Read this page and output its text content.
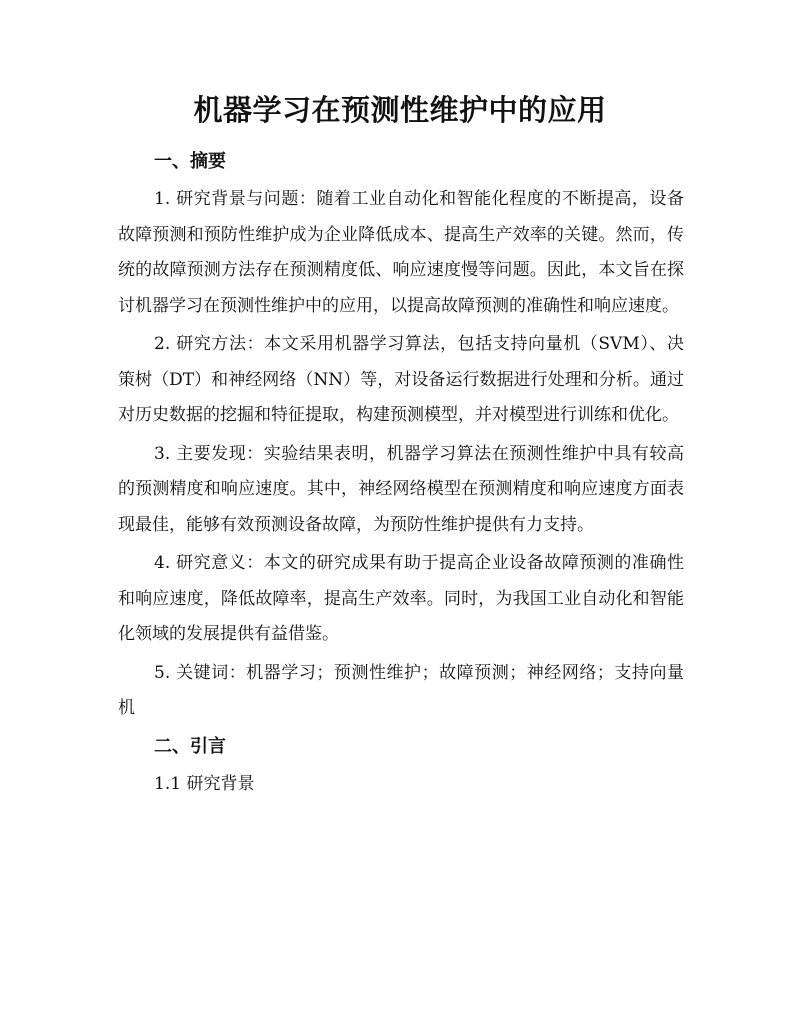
机器学习在预测性维护中的应用
一、摘要

1. 研究背景与问题：随着工业自动化和智能化程度的不断提高，设备故障预测和预防性维护成为企业降低成本、提高生产效率的关键。然而，传统的故障预测方法存在预测精度低、响应速度慢等问题。因此，本文旨在探讨机器学习在预测性维护中的应用，以提高故障预测的准确性和响应速度。

2. 研究方法：本文采用机器学习算法，包括支持向量机（SVM）、决策树（DT）和神经网络（NN）等，对设备运行数据进行处理和分析。通过对历史数据的挖掘和特征提取，构建预测模型，并对模型进行训练和优化。

3. 主要发现：实验结果表明，机器学习算法在预测性维护中具有较高的预测精度和响应速度。其中，神经网络模型在预测精度和响应速度方面表现最佳，能够有效预测设备故障，为预防性维护提供有力支持。

4. 研究意义：本文的研究成果有助于提高企业设备故障预测的准确性和响应速度，降低故障率，提高生产效率。同时，为我国工业自动化和智能化领域的发展提供有益借鉴。

5. 关键词：机器学习；预测性维护；故障预测；神经网络；支持向量机

二、引言
1.1 研究背景
